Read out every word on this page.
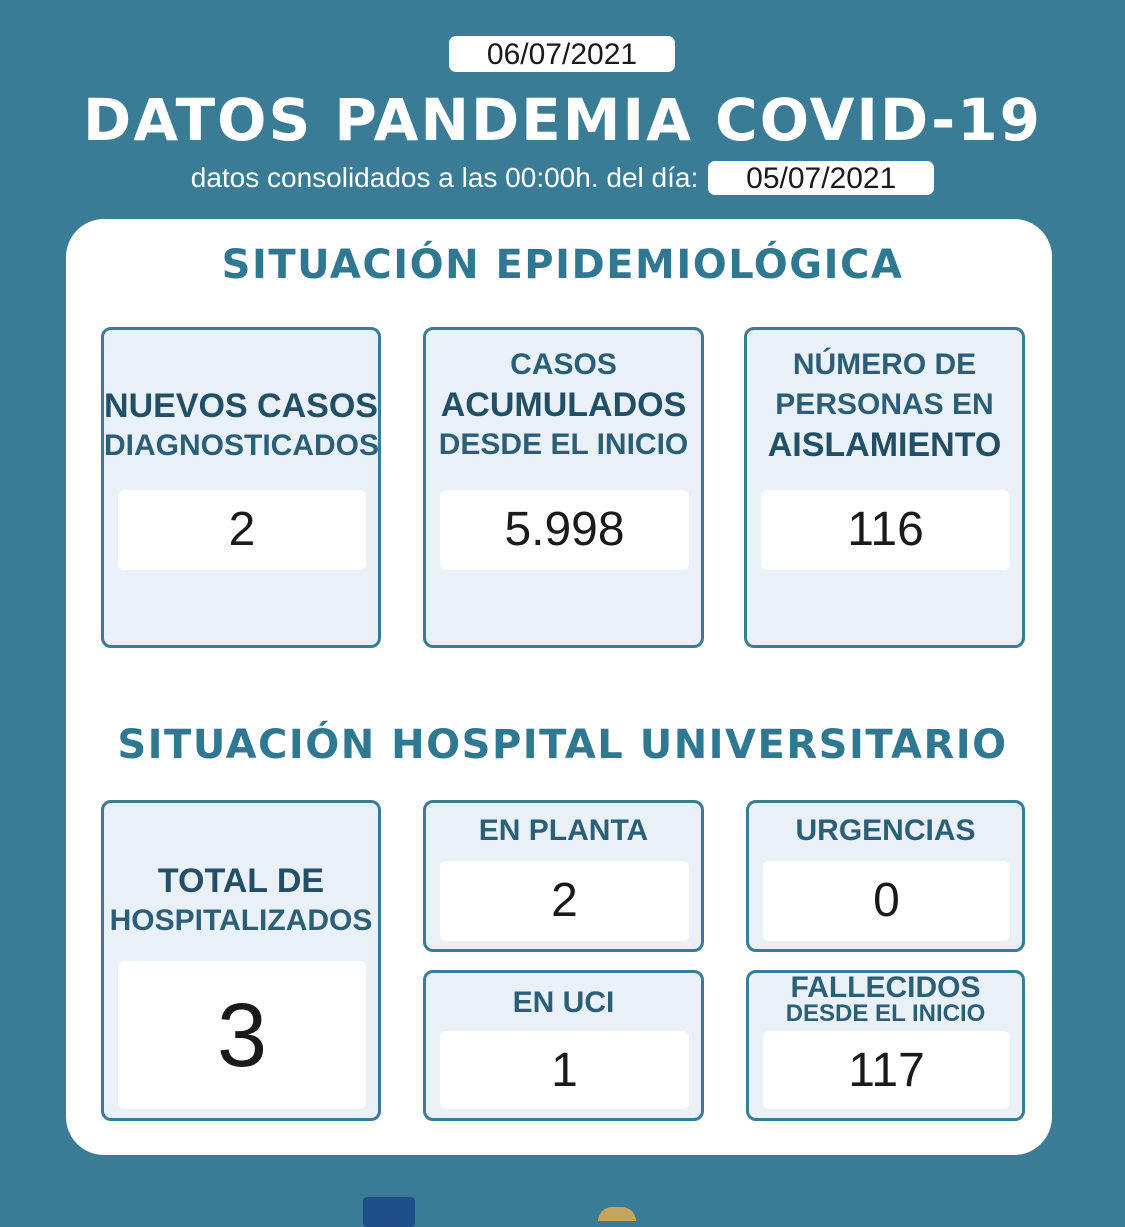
06/07/2021
DATOS PANDEMIA COVID-19
datos consolidados a las 00:00h. del día:	05/07/2021
SITUACIÓN EPIDEMIOLÓGICA
NUEVOS CASOS
DIAGNOSTICADOS
2
CASOS
ACUMULADOS
DESDE EL INICIO
5.998
NÚMERO DE
PERSONAS EN
AISLAMIENTO
116
SITUACIÓN HOSPITAL UNIVERSITARIO
TOTAL DE
HOSPITALIZADOS
3
EN PLANTA
2
URGENCIAS
0
EN UCI
1
FALLECIDOS
DESDE EL INICIO
117
